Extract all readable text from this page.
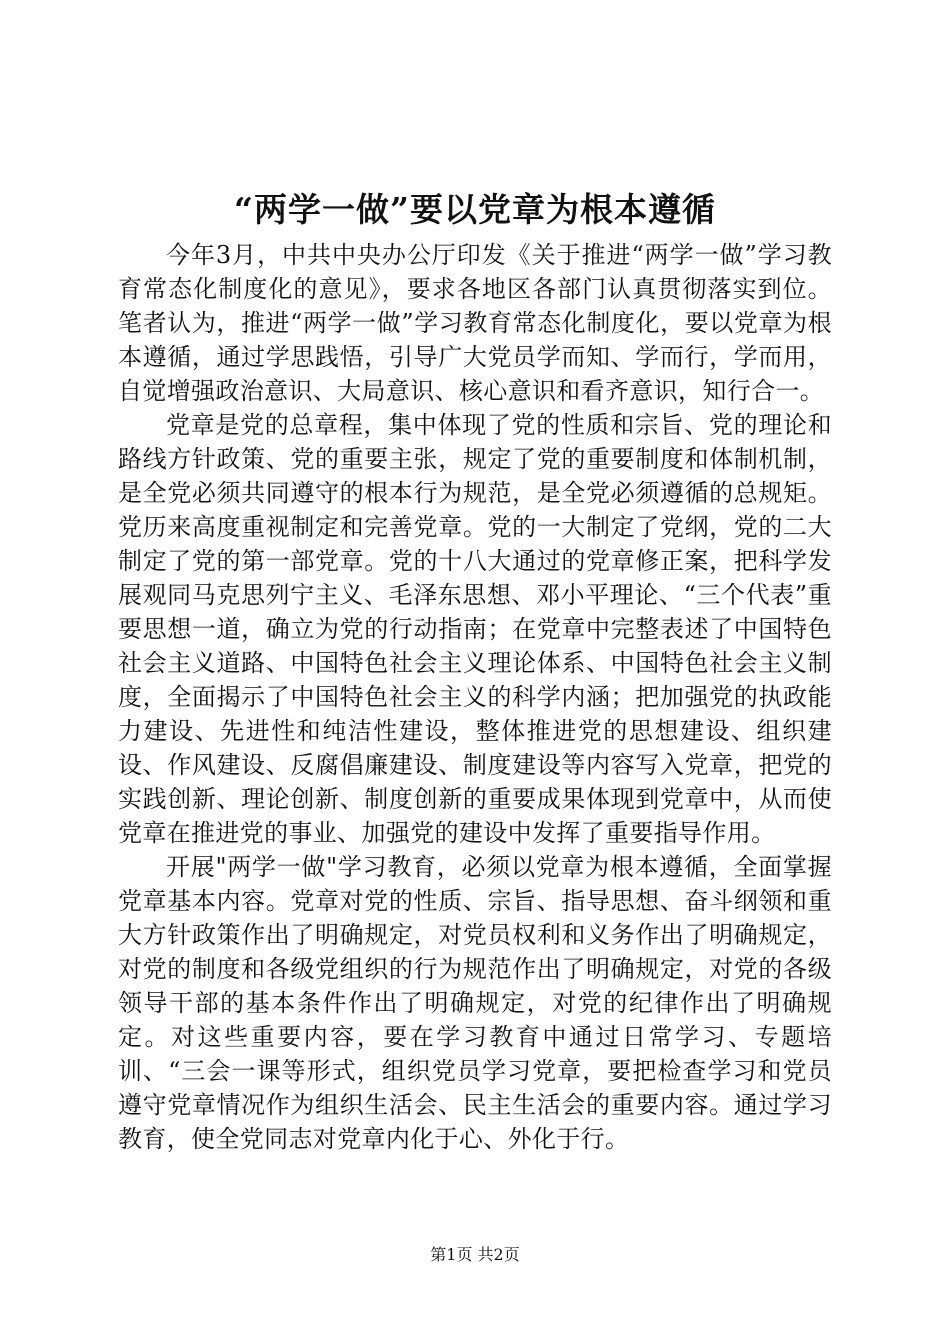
“两学一做”要以党章为根本遵循

今年3月，中共中央办公厅印发《关于推进“两学一做”学习教育常态化制度化的意见》，要求各地区各部门认真贯彻落实到位。笔者认为，推进“两学一做”学习教育常态化制度化，要以党章为根本遵循，通过学思践悟，引导广大党员学而知、学而行，学而用，自觉增强政治意识、大局意识、核心意识和看齐意识，知行合一。

党章是党的总章程，集中体现了党的性质和宗旨、党的理论和路线方针政策、党的重要主张，规定了党的重要制度和体制机制，是全党必须共同遵守的根本行为规范，是全党必须遵循的总规矩。党历来高度重视制定和完善党章。党的一大制定了党纲，党的二大制定了党的第一部党章。党的十八大通过的党章修正案，把科学发展观同马克思列宁主义、毛泽东思想、邓小平理论、“三个代表”重要思想一道，确立为党的行动指南；在党章中完整表述了中国特色社会主义道路、中国特色社会主义理论体系、中国特色社会主义制度，全面揭示了中国特色社会主义的科学内涵；把加强党的执政能力建设、先进性和纯洁性建设，整体推进党的思想建设、组织建设、作风建设、反腐倡廉建设、制度建设等内容写入党章，把党的实践创新、理论创新、制度创新的重要成果体现到党章中，从而使党章在推进党的事业、加强党的建设中发挥了重要指导作用。

开展"两学一做"学习教育，必须以党章为根本遵循，全面掌握党章基本内容。党章对党的性质、宗旨、指导思想、奋斗纲领和重大方针政策作出了明确规定，对党员权利和义务作出了明确规定，对党的制度和各级党组织的行为规范作出了明确规定，对党的各级领导干部的基本条件作出了明确规定，对党的纪律作出了明确规定。对这些重要内容，要在学习教育中通过日常学习、专题培训、“三会一课等形式，组织党员学习党章，要把检查学习和党员遵守党章情况作为组织生活会、民主生活会的重要内容。通过学习教育，使全党同志对党章内化于心、外化于行。

第1页 共2页
